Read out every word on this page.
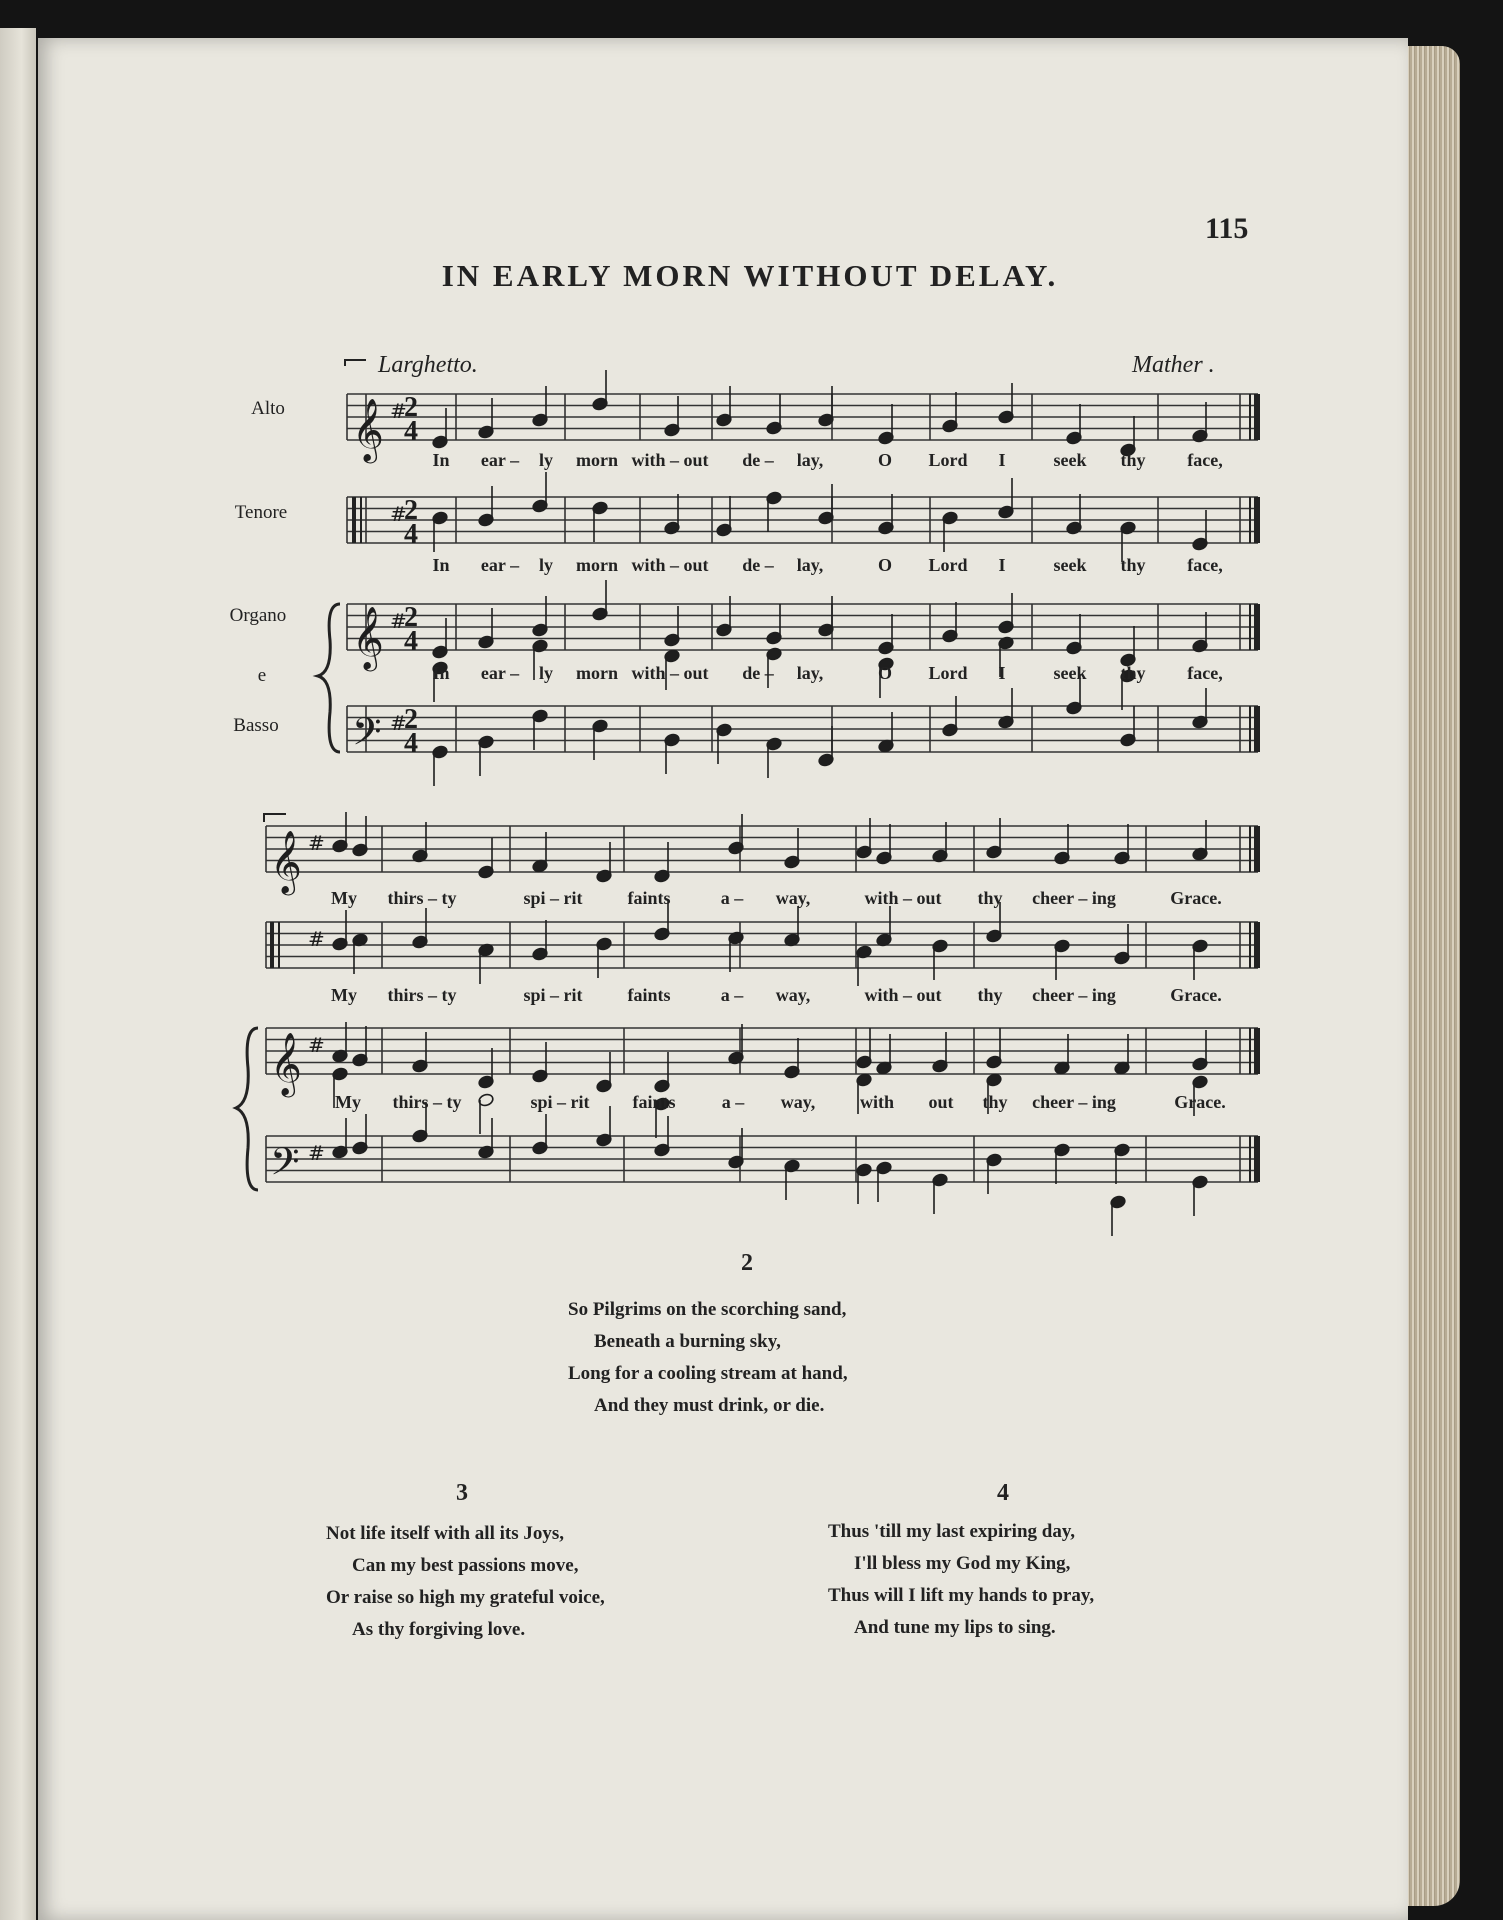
115
IN EARLY MORN WITHOUT DELAY.
Larghetto.	Mather .
Alto
Tenore
Organo
e
Basso
𝄞
𝄞
𝄢
#
2
4
#
2
4
#
2
4
#
2
4
𝄞
𝄞
𝄢
#
#
#
#
In ear – ly morn with – out de – lay,	O Lord I	seek thy face,
In ear – ly morn with – out de – lay,	O Lord I	seek thy face,
In ear – ly morn with – out de – lay,	O Lord I	seek thy face,
My thirs – ty	spi – rit faints	a – way,	with – out thy cheer – ing	Grace.
My thirs – ty	spi – rit faints	a – way,	with – out thy cheer – ing	Grace.
My thirs – ty	spi – rit faints	a – way, with out thy cheer – ing	Grace.
2
So Pilgrims on the scorching sand,
Beneath a burning sky,
Long for a cooling stream at hand,
And they must drink, or die.
3
Not life itself with all its Joys,
Can my best passions move,
Or raise so high my grateful voice,
As thy forgiving love.
4
Thus 'till my last expiring day,
I'll bless my God my King,
Thus will I lift my hands to pray,
And tune my lips to sing.
